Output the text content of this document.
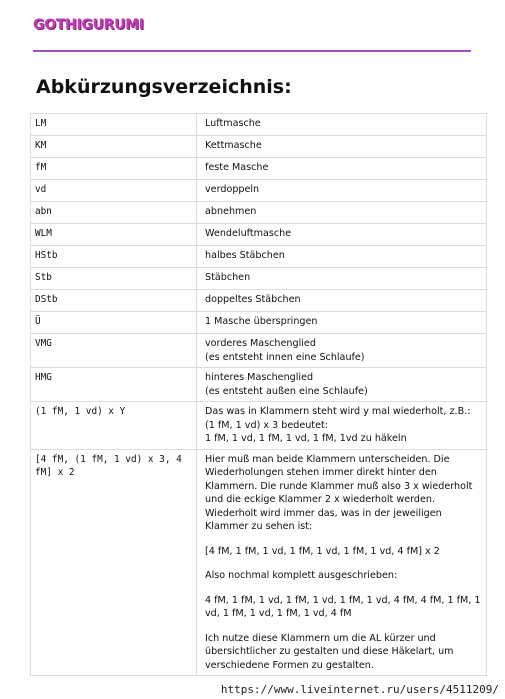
GOTHIGURUMI
Abkürzungsverzeichnis:
LM	Luftmasche

KM	Kettmasche

fM	feste Masche

vd	verdoppeln

abn	abnehmen

WLM	Wendeluftmasche

HStb	halbes Stäbchen

Stb	Stäbchen

DStb	doppeltes Stäbchen

Ü	1 Masche überspringen

VMG	vorderes Maschenglied
(es entsteht innen eine Schlaufe)

HMG	hinteres Maschenglied
(es entsteht außen eine Schlaufe)

(1 fM, 1 vd) x Y	Das was in Klammern steht wird y mal wiederholt, z.B.:
(1 fM, 1 vd) x 3 bedeutet:
1 fM, 1 vd, 1 fM, 1 vd, 1 fM, 1vd zu häkeln

[4 fM, (1 fM, 1 vd) x 3, 4 fM] x 2	Hier muß man beide Klammern unterscheiden. Die Wiederholungen stehen immer direkt hinter den Klammern. Die runde Klammer muß also 3 x wiederholt und die eckige Klammer 2 x wiederholt werden. Wiederholt wird immer das, was in der jeweiligen Klammer zu sehen ist:
[4 fM, 1 fM, 1 vd, 1 fM, 1 vd, 1 fM, 1 vd, 4 fM] x 2
Also nochmal komplett ausgeschrieben:
4 fM, 1 fM, 1 vd, 1 fM, 1 vd, 1 fM, 1 vd, 4 fM, 4 fM, 1 fM, 1 vd, 1 fM, 1 vd, 1 fM, 1 vd, 4 fM
Ich nutze diese Klammern um die AL kürzer und übersichtlicher zu gestalten und diese Häkelart, um verschiedene Formen zu gestalten.
https://www.liveinternet.ru/users/4511209/
